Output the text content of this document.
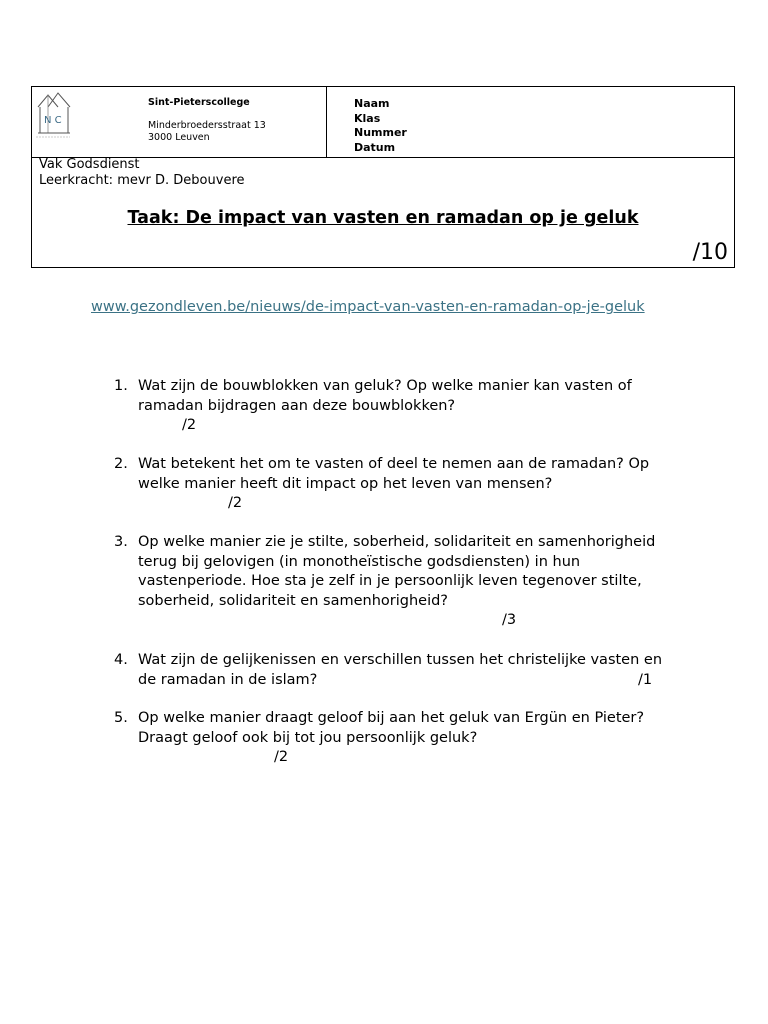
N C
Sint-Pieterscollege
Minderbroedersstraat 13
3000 Leuven
Naam
Klas
Nummer
Datum
Vak Godsdienst
Leerkracht: mevr D. Debouvere
Taak: De impact van vasten en ramadan op je geluk
/10
www.gezondleven.be/nieuws/de-impact-van-vasten-en-ramadan-op-je-geluk
1. Wat zijn de bouwblokken van geluk? Op welke manier kan vasten of ramadan bijdragen aan deze bouwblokken?
/2
2. Wat betekent het om te vasten of deel te nemen aan de ramadan? Op welke manier heeft dit impact op het leven van mensen?
/2
3. Op welke manier zie je stilte, soberheid, solidariteit en samenhorigheid terug bij gelovigen (in monotheïstische godsdiensten) in hun vastenperiode. Hoe sta je zelf in je persoonlijk leven tegenover stilte, soberheid, solidariteit en samenhorigheid?
/3
4. Wat zijn de gelijkenissen en verschillen tussen het christelijke vasten en de ramadan in de islam?	/1
5. Op welke manier draagt geloof bij aan het geluk van Ergün en Pieter? Draagt geloof ook bij tot jou persoonlijk geluk?
/2
